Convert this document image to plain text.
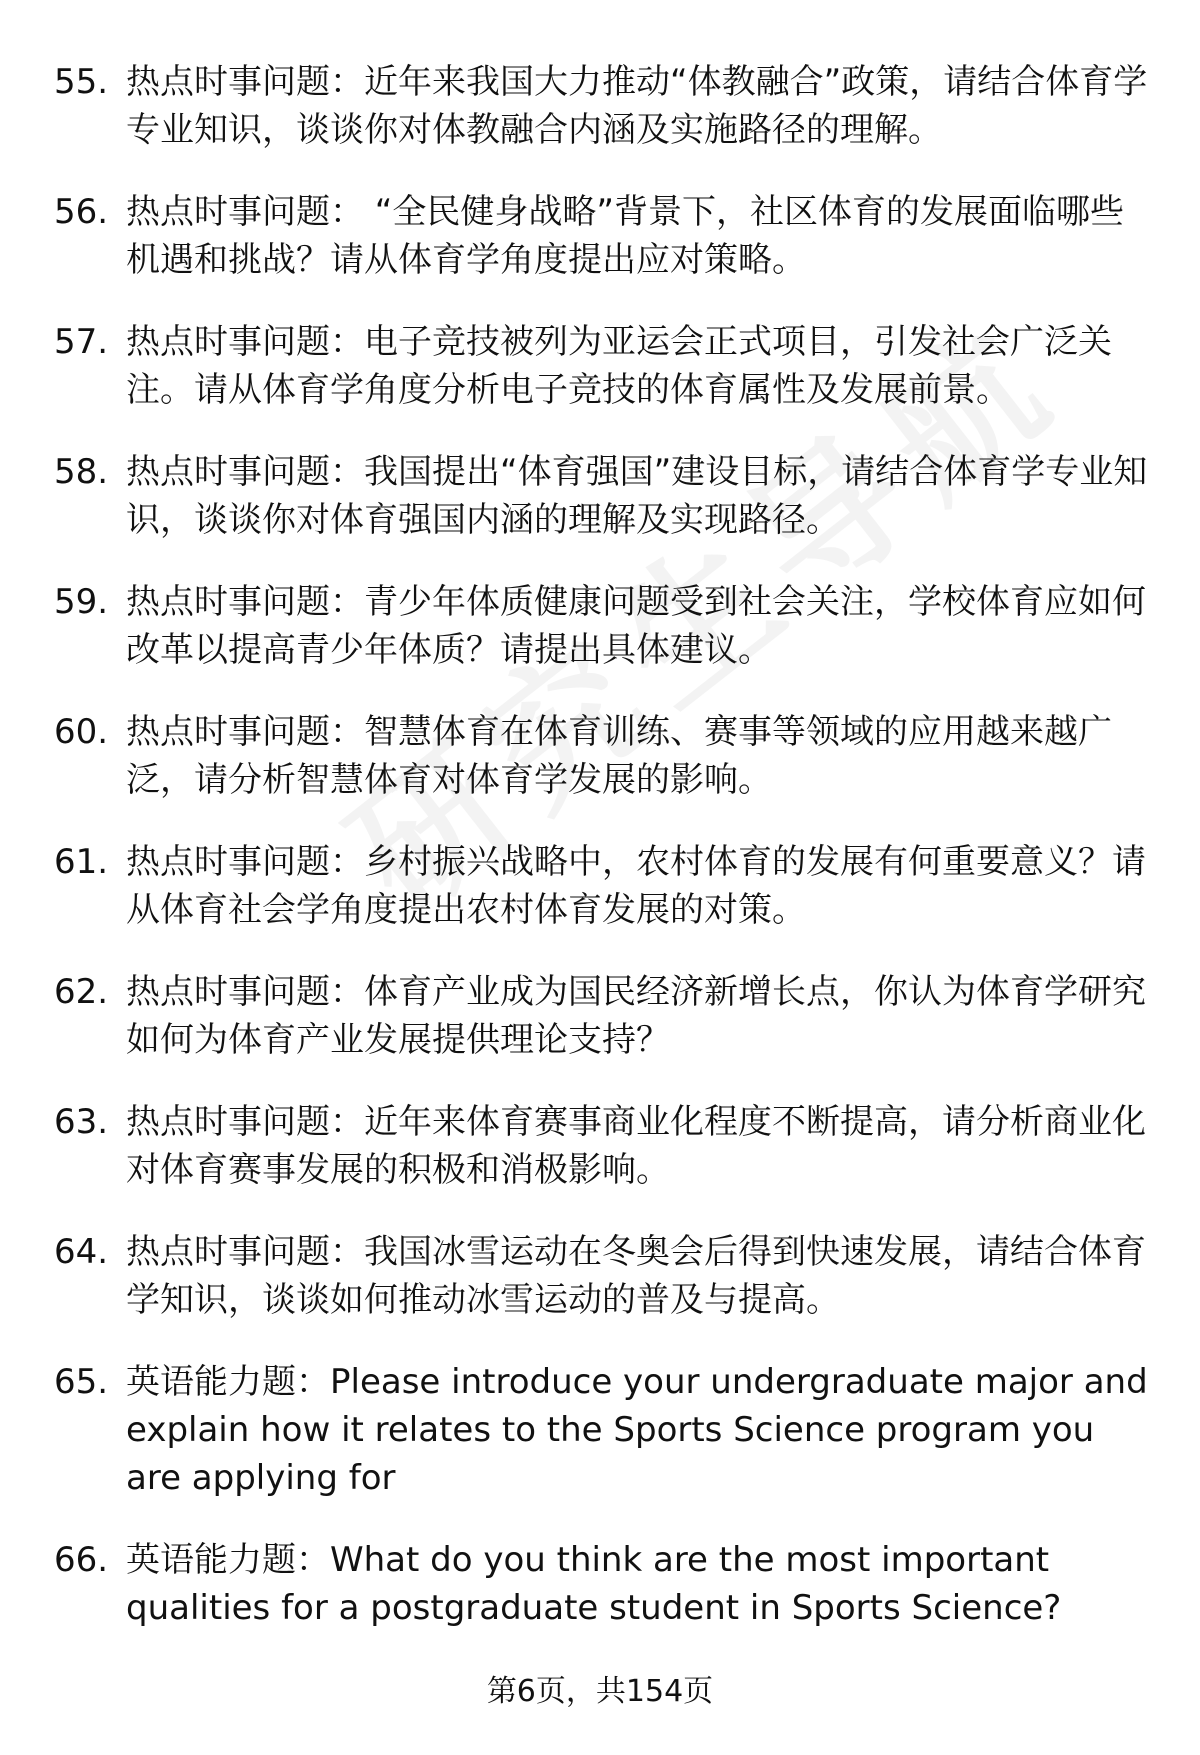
55. 热点时事问题：近年来我国大力推动“体教融合”政策，请结合体育学专业知识，谈谈你对体教融合内涵及实施路径的理解。

56. 热点时事问题： “全民健身战略”背景下，社区体育的发展面临哪些机遇和挑战？请从体育学角度提出应对策略。

57. 热点时事问题：电子竞技被列为亚运会正式项目，引发社会广泛关注。请从体育学角度分析电子竞技的体育属性及发展前景。

58. 热点时事问题：我国提出“体育强国”建设目标，请结合体育学专业知识，谈谈你对体育强国内涵的理解及实现路径。

59. 热点时事问题：青少年体质健康问题受到社会关注，学校体育应如何改革以提高青少年体质？请提出具体建议。

60. 热点时事问题：智慧体育在体育训练、赛事等领域的应用越来越广泛，请分析智慧体育对体育学发展的影响。

61. 热点时事问题：乡村振兴战略中，农村体育的发展有何重要意义？请从体育社会学角度提出农村体育发展的对策。

62. 热点时事问题：体育产业成为国民经济新增长点，你认为体育学研究如何为体育产业发展提供理论支持？

63. 热点时事问题：近年来体育赛事商业化程度不断提高，请分析商业化对体育赛事发展的积极和消极影响。

64. 热点时事问题：我国冰雪运动在冬奥会后得到快速发展，请结合体育学知识，谈谈如何推动冰雪运动的普及与提高。

65. 英语能力题：Please introduce your undergraduate major and explain how it relates to the Sports Science program you are applying for

66. 英语能力题：What do you think are the most important qualities for a postgraduate student in Sports Science?

第6页，共154页
